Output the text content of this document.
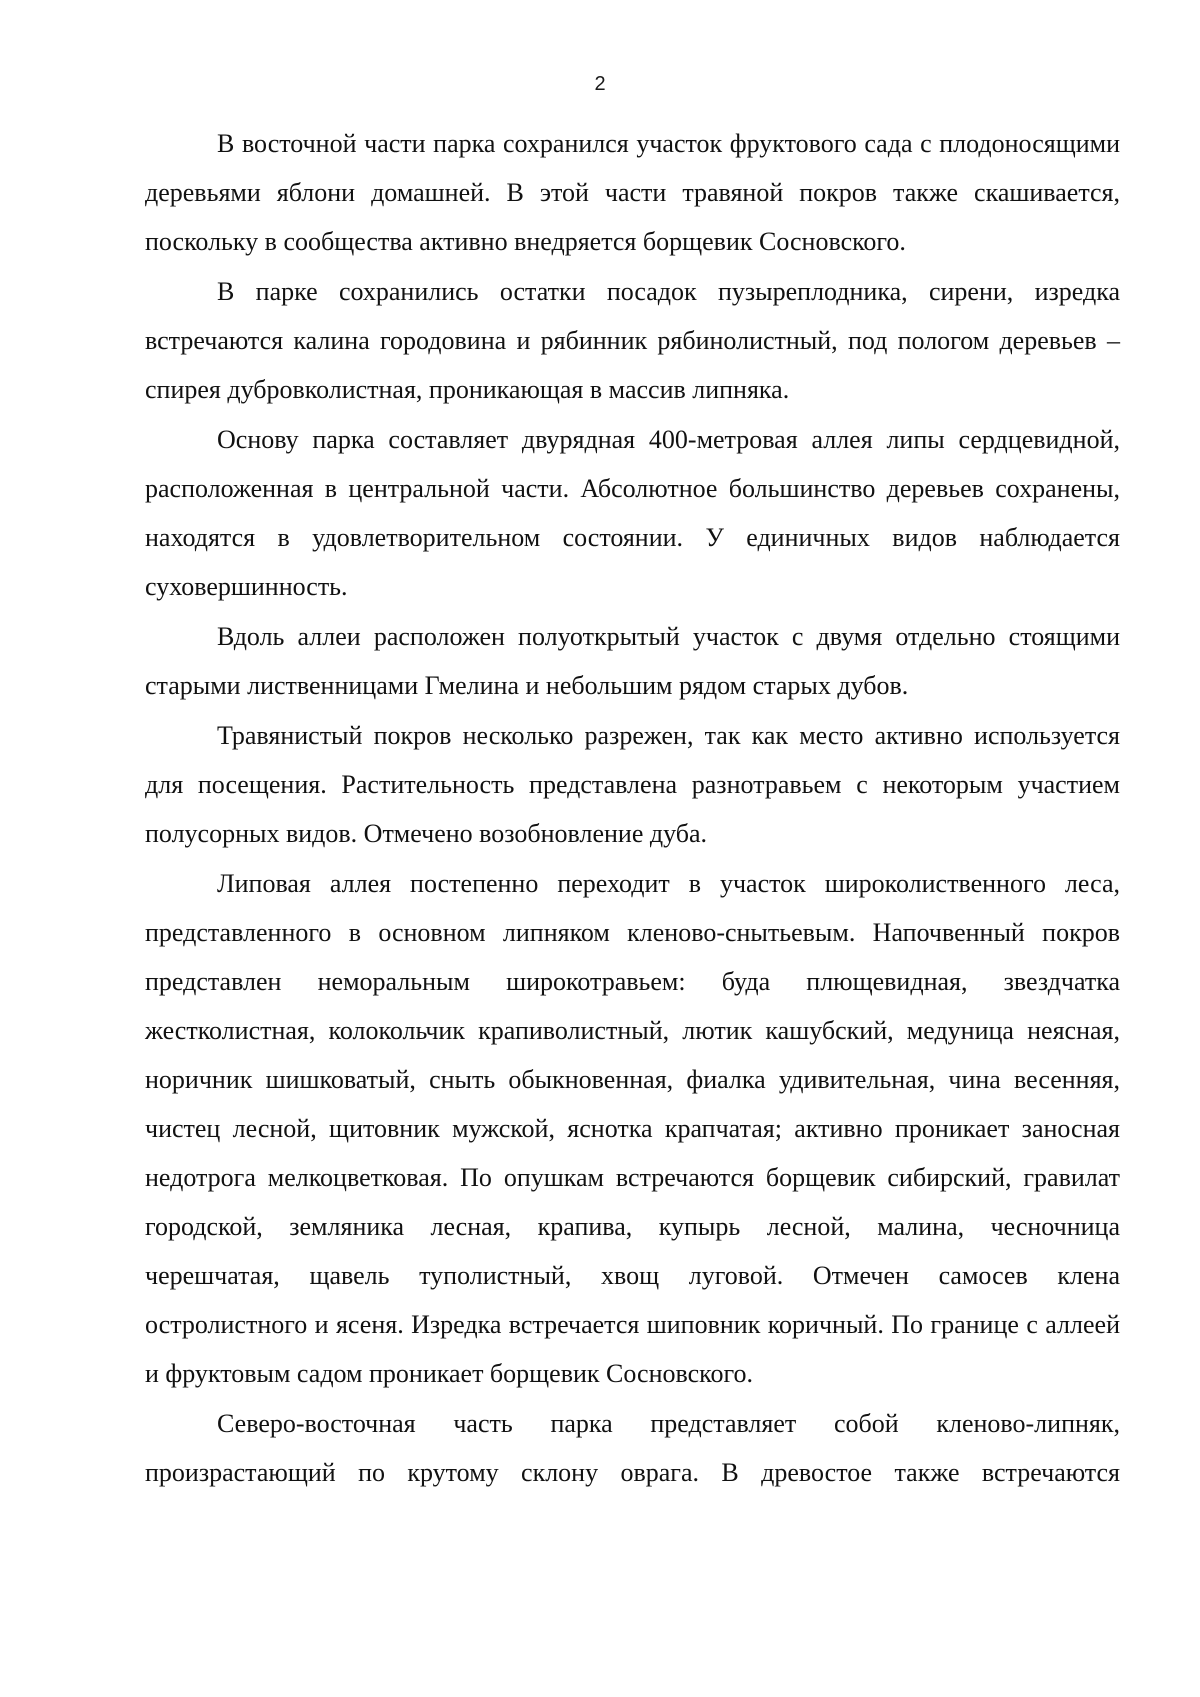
2

В восточной части парка сохранился участок фруктового сада с плодоносящими деревьями яблони домашней. В этой части травяной покров также скашивается, поскольку в сообщества активно внедряется борщевик Сосновского.

В парке сохранились остатки посадок пузыреплодника, сирени, изредка встречаются калина городовина и рябинник рябинолистный, под пологом деревьев – спирея дубровколистная, проникающая в массив липняка.

Основу парка составляет двурядная 400-метровая аллея липы сердцевидной, расположенная в центральной части. Абсолютное большинство деревьев сохранены, находятся в удовлетворительном состоянии. У единичных видов наблюдается суховершинность.

Вдоль аллеи расположен полуоткрытый участок с двумя отдельно стоящими старыми лиственницами Гмелина и небольшим рядом старых дубов.

Травянистый покров несколько разрежен, так как место активно используется для посещения. Растительность представлена разнотравьем с некоторым участием полусорных видов. Отмечено возобновление дуба.

Липовая аллея постепенно переходит в участок широколиственного леса, представленного в основном липняком кленово-снытьевым. Напочвенный покров представлен неморальным широкотравьем: буда плющевидная, звездчатка жестколистная, колокольчик крапиволистный, лютик кашубский, медуница неясная, норичник шишковатый, сныть обыкновенная, фиалка удивительная, чина весенняя, чистец лесной, щитовник мужской, яснотка крапчатая; активно проникает заносная недотрога мелкоцветковая. По опушкам встречаются борщевик сибирский, гравилат городской, земляника лесная, крапива, купырь лесной, малина, чесночница черешчатая, щавель туполистный, хвощ луговой. Отмечен самосев клена остролистного и ясеня. Изредка встречается шиповник коричный. По границе с аллеей и фруктовым садом проникает борщевик Сосновского.

Северо-восточная часть парка представляет собой кленово-липняк, произрастающий по крутому склону оврага. В древостое также встречаются
